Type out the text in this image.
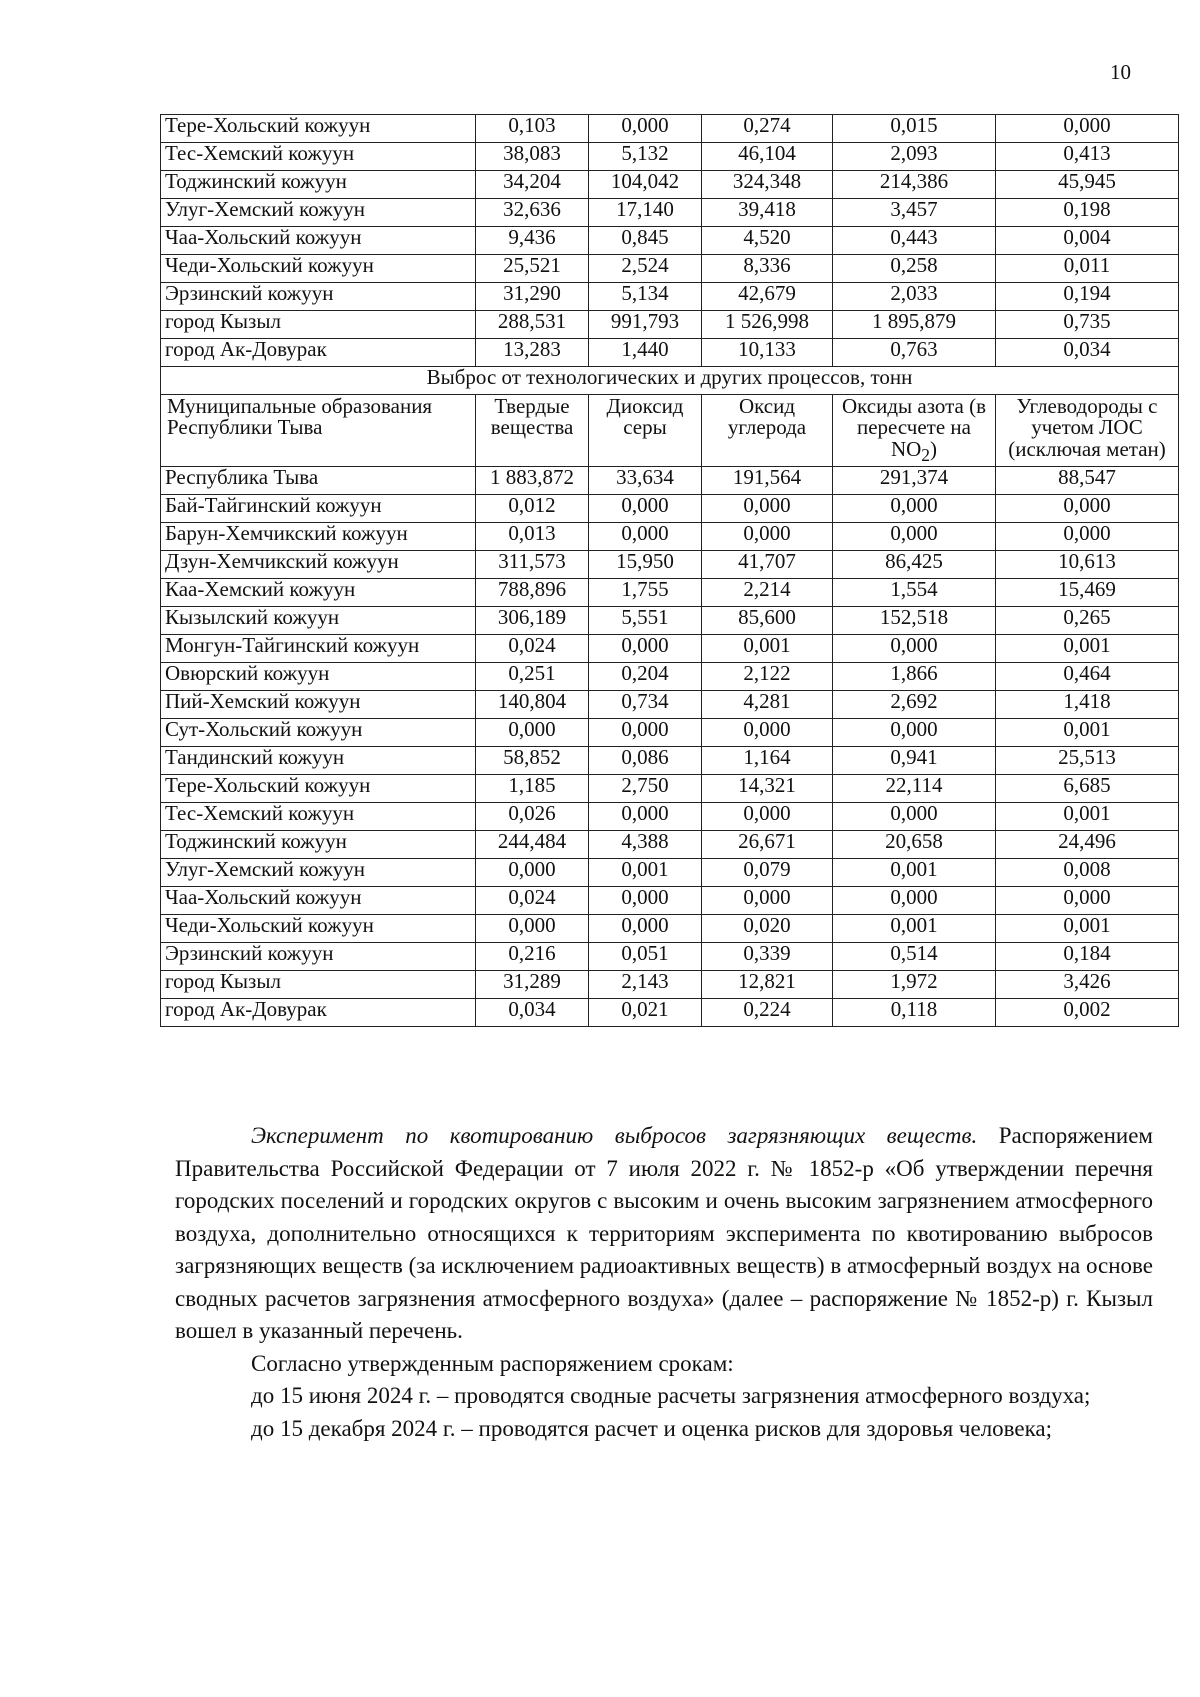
10
Тере-Хольский кожуун	0,103	0,000	0,274	0,015	0,000
Тес-Хемский кожуун	38,083	5,132	46,104	2,093	0,413
Тоджинский кожуун	34,204	104,042	324,348	214,386	45,945
Улуг-Хемский кожуун	32,636	17,140	39,418	3,457	0,198
Чаа-Хольский кожуун	9,436	0,845	4,520	0,443	0,004
Чеди-Хольский кожуун	25,521	2,524	8,336	0,258	0,011
Эрзинский кожуун	31,290	5,134	42,679	2,033	0,194
город Кызыл	288,531	991,793	1 526,998	1 895,879	0,735
город Ак-Довурак	13,283	1,440	10,133	0,763	0,034
Выброс от технологических и других процессов, тонн					
Муниципальные образования Республики Тыва	Твердые вещества	Диоксид серы	Оксид углерода	Оксиды азота (в пересчете на $NO_2$)	Углеводороды с учетом ЛОС (исключая метан)
Республика Тыва	1 883,872	33,634	191,564	291,374	88,547
Бай-Тайгинский кожуун	0,012	0,000	0,000	0,000	0,000
Барун-Хемчикский кожуун	0,013	0,000	0,000	0,000	0,000
Дзун-Хемчикский кожуун	311,573	15,950	41,707	86,425	10,613
Каа-Хемский кожуун	788,896	1,755	2,214	1,554	15,469
Кызылский кожуун	306,189	5,551	85,600	152,518	0,265
Монгун-Тайгинский кожуун	0,024	0,000	0,001	0,000	0,001
Овюрский кожуун	0,251	0,204	2,122	1,866	0,464
Пий-Хемский кожуун	140,804	0,734	4,281	2,692	1,418
Сут-Хольский кожуун	0,000	0,000	0,000	0,000	0,001
Тандинский кожуун	58,852	0,086	1,164	0,941	25,513
Тере-Хольский кожуун	1,185	2,750	14,321	22,114	6,685
Тес-Хемский кожуун	0,026	0,000	0,000	0,000	0,001
Тоджинский кожуун	244,484	4,388	26,671	20,658	24,496
Улуг-Хемский кожуун	0,000	0,001	0,079	0,001	0,008
Чаа-Хольский кожуун	0,024	0,000	0,000	0,000	0,000
Чеди-Хольский кожуун	0,000	0,000	0,020	0,001	0,001
Эрзинский кожуун	0,216	0,051	0,339	0,514	0,184
город Кызыл	31,289	2,143	12,821	1,972	3,426
город Ак-Довурак	0,034	0,021	0,224	0,118	0,002

Эксперимент по квотированию выбросов загрязняющих веществ. Распоряжением Правительства Российской Федерации от 7 июля 2022 г. № 1852-р «Об утверждении перечня городских поселений и городских округов с высоким и очень высоким загрязнением атмосферного воздуха, дополнительно относящихся к территориям эксперимента по квотированию выбросов загрязняющих веществ (за исключением радиоактивных веществ) в атмосферный воздух на основе сводных расчетов загрязнения атмосферного воздуха» (далее – распоряжение № 1852-р) г. Кызыл вошел в указанный перечень.

Согласно утвержденным распоряжением срокам:

до 15 июня 2024 г. – проводятся сводные расчеты загрязнения атмосферного воздуха;

до 15 декабря 2024 г. – проводятся расчет и оценка рисков для здоровья человека;
